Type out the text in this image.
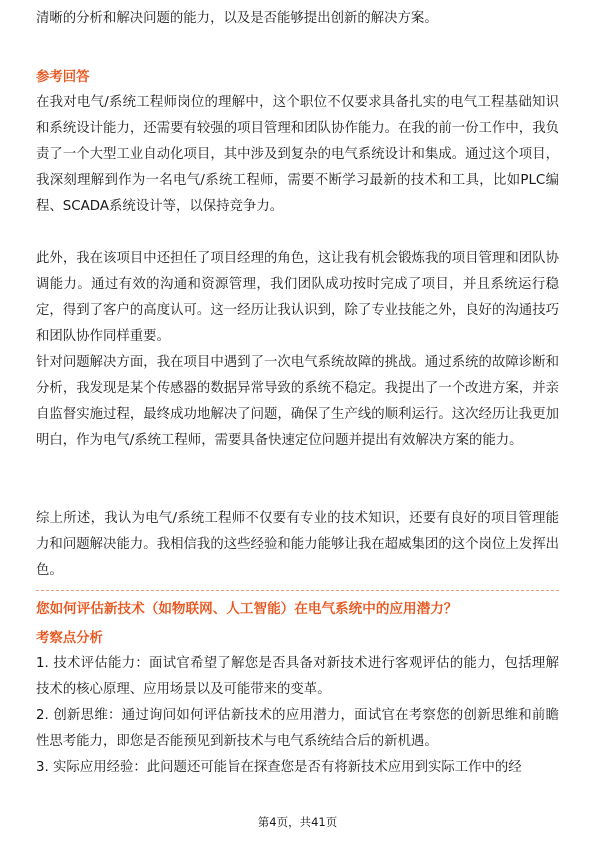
清晰的分析和解决问题的能力，以及是否能够提出创新的解决方案。

参考回答

在我对电气/系统工程师岗位的理解中，这个职位不仅要求具备扎实的电气工程基础知识和系统设计能力，还需要有较强的项目管理和团队协作能力。在我的前一份工作中，我负责了一个大型工业自动化项目，其中涉及到复杂的电气系统设计和集成。通过这个项目，我深刻理解到作为一名电气/系统工程师，需要不断学习最新的技术和工具，比如PLC编程、SCADA系统设计等，以保持竞争力。

此外，我在该项目中还担任了项目经理的角色，这让我有机会锻炼我的项目管理和团队协调能力。通过有效的沟通和资源管理，我们团队成功按时完成了项目，并且系统运行稳定，得到了客户的高度认可。这一经历让我认识到，除了专业技能之外，良好的沟通技巧和团队协作同样重要。

针对问题解决方面，我在项目中遇到了一次电气系统故障的挑战。通过系统的故障诊断和分析，我发现是某个传感器的数据异常导致的系统不稳定。我提出了一个改进方案，并亲自监督实施过程，最终成功地解决了问题，确保了生产线的顺利运行。这次经历让我更加明白，作为电气/系统工程师，需要具备快速定位问题并提出有效解决方案的能力。

综上所述，我认为电气/系统工程师不仅要有专业的技术知识，还要有良好的项目管理能力和问题解决能力。我相信我的这些经验和能力能够让我在超威集团的这个岗位上发挥出色。

您如何评估新技术（如物联网、人工智能）在电气系统中的应用潜力？

考察点分析

1. 技术评估能力：面试官希望了解您是否具备对新技术进行客观评估的能力，包括理解技术的核心原理、应用场景以及可能带来的变革。

2. 创新思维：通过询问如何评估新技术的应用潜力，面试官在考察您的创新思维和前瞻性思考能力，即您是否能预见到新技术与电气系统结合后的新机遇。

3. 实际应用经验：此问题还可能旨在探查您是否有将新技术应用到实际工作中的经

第4页，共41页
